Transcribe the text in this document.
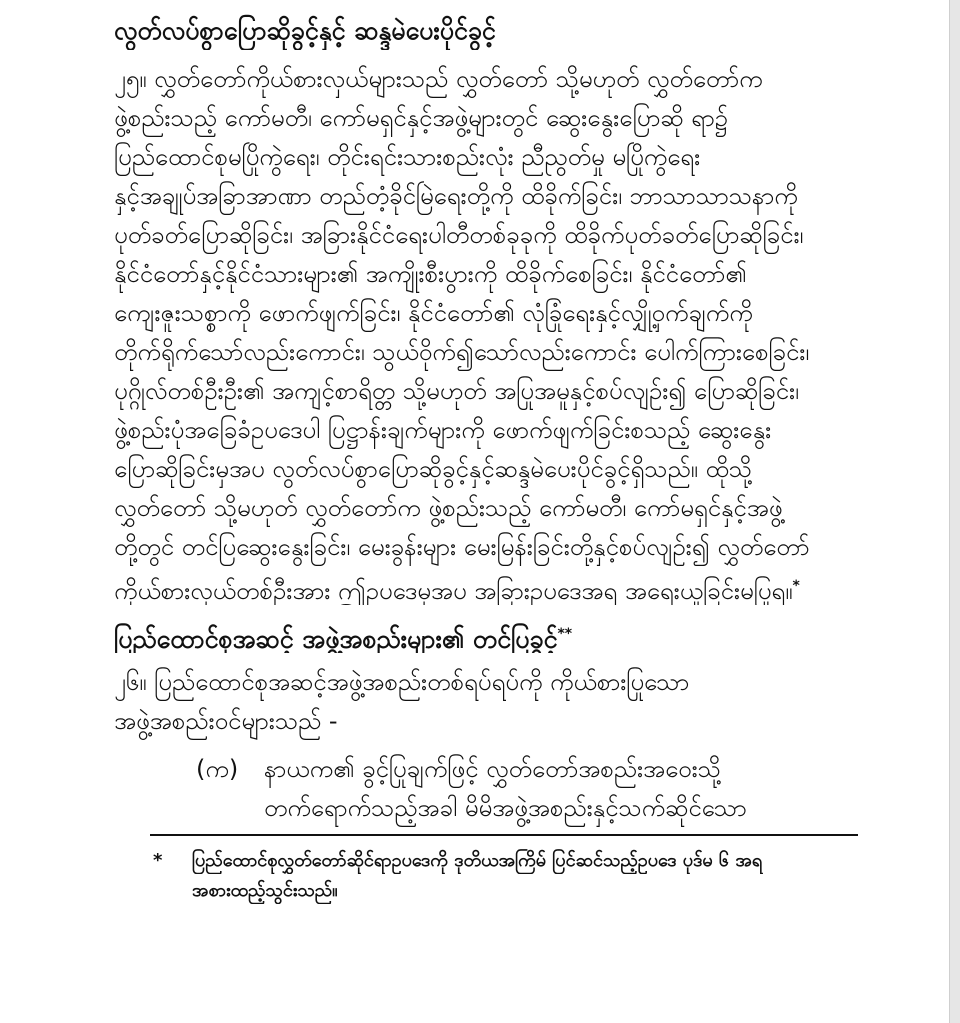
လွတ်လပ်စွာပြောဆိုခွင့်နှင့် ဆန္ဒမဲပေးပိုင်ခွင့်
၂၅။ လွှတ်တော်ကိုယ်စားလှယ်များသည် လွှတ်တော် သို့မဟုတ် လွှတ်တော်က
ဖွဲ့စည်းသည့် ကော်မတီ၊ ကော်မရှင်နှင့်အဖွဲ့များတွင် ဆွေးနွေးပြောဆို ရာ၌
ပြည်ထောင်စုမပြိုကွဲရေး၊ တိုင်းရင်းသားစည်းလုံး ညီညွတ်မှု မပြိုကွဲရေး
နှင့်အချုပ်အခြာအာဏာ တည်တံ့ခိုင်မြဲရေးတို့ကို ထိခိုက်ခြင်း၊ ဘာသာသာသနာကို
ပုတ်ခတ်ပြောဆိုခြင်း၊ အခြားနိုင်ငံရေးပါတီတစ်ခုခုကို ထိခိုက်ပုတ်ခတ်ပြောဆိုခြင်း၊
နိုင်ငံတော်နှင့်နိုင်ငံသားများ၏ အကျိုးစီးပွားကို ထိခိုက်စေခြင်း၊ နိုင်ငံတော်၏
ကျေးဇူးသစ္စာကို ဖောက်ဖျက်ခြင်း၊ နိုင်ငံတော်၏ လုံခြုံရေးနှင့်လျှို့ဝှက်ချက်ကို
တိုက်ရိုက်သော်လည်းကောင်း၊ သွယ်ဝိုက်၍သော်လည်းကောင်း ပေါက်ကြားစေခြင်း၊
ပုဂ္ဂိုလ်တစ်ဦးဦး၏ အကျင့်စာရိတ္တ သို့မဟုတ် အပြုအမူနှင့်စပ်လျဉ်း၍ ပြောဆိုခြင်း၊
ဖွဲ့စည်းပုံအခြေခံဥပဒေပါ ပြဋ္ဌာန်းချက်များကို ဖောက်ဖျက်ခြင်းစသည့် ဆွေးနွေး
ပြောဆိုခြင်းမှအပ လွတ်လပ်စွာပြောဆိုခွင့်နှင့်ဆန္ဒမဲပေးပိုင်ခွင့်ရှိသည်။ ထိုသို့
လွှတ်တော် သို့မဟုတ် လွှတ်တော်က ဖွဲ့စည်းသည့် ကော်မတီ၊ ကော်မရှင်နှင့်အဖွဲ့
တို့တွင် တင်ပြဆွေးနွေးခြင်း၊ မေးခွန်းများ မေးမြန်းခြင်းတို့နှင့်စပ်လျဉ်း၍ လွှတ်တော်
ကိုယ်စားလှယ်တစ်ဦးအား ဤဥပဒေမှအပ အခြားဥပဒေအရ အရေးယူခြင်းမပြုရ။*
ပြည်ထောင်စုအဆင့် အဖွဲ့အစည်းများ၏ တင်ပြခွင့်**
၂၆။ ပြည်ထောင်စုအဆင့်အဖွဲ့အစည်းတစ်ရပ်ရပ်ကို ကိုယ်စားပြုသော
အဖွဲ့အစည်းဝင်များသည် -
(က)	နာယက၏ ခွင့်ပြုချက်ဖြင့် လွှတ်တော်အစည်းအဝေးသို့
တက်ရောက်သည့်အခါ မိမိအဖွဲ့အစည်းနှင့်သက်ဆိုင်သော
* ပြည်ထောင်စုလွှတ်တော်ဆိုင်ရာဥပဒေကို ဒုတိယအကြိမ် ပြင်ဆင်သည့်ဥပဒေ ပုဒ်မ ၆ အရ
အစားထည့်သွင်းသည်။
